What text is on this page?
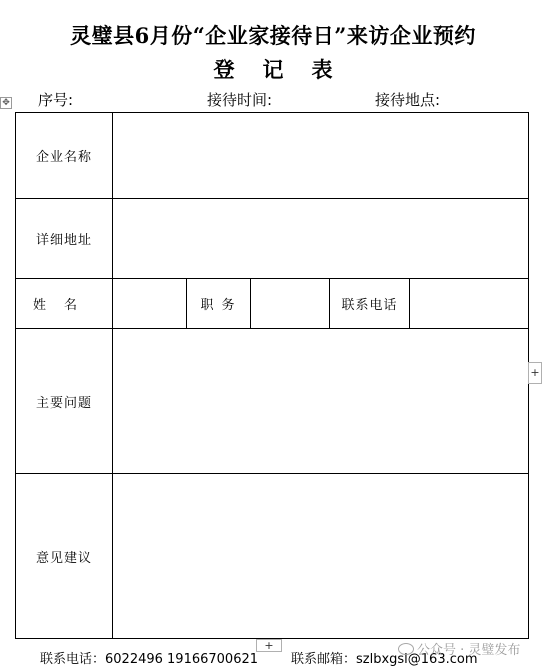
灵璧县6月份“企业家接待日”来访企业预约
登记表
✥ 序号:	接待时间:	接待地点:
企业名称					
详细地址					
姓名		职务		联系电话	
主要问题					
意见建议					
+
+
联系电话：6022496 19166700621	联系邮箱：szlbxgsl@163.com
公众号 · 灵璧发布
